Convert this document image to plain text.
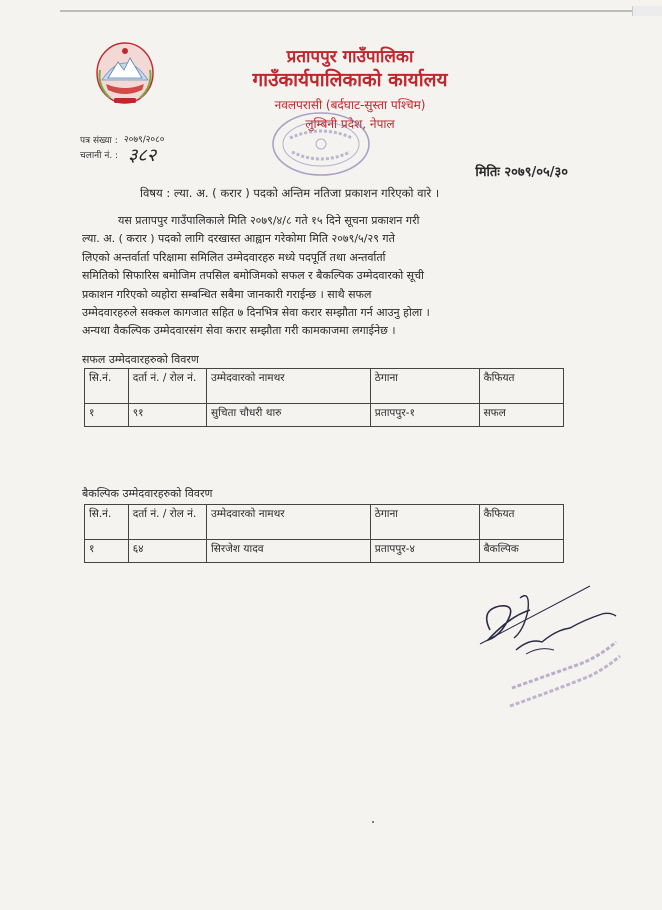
प्रतापपुर गाउँपालिका
गाउँकार्यपालिकाको कार्यालय
नवलपरासी (बर्दघाट-सुस्ता पश्चिम)
लुम्बिनी प्रदेश, नेपाल
पत्र संख्या : २०७९/२०८०
चलानी नं. : ३८२
मितिः २०७९/०५/३०
विषय : ल्या. अ. ( करार ) पदको अन्तिम नतिजा प्रकाशन गरिएको वारे ।
यस प्रतापपुर गाउँपालिकाले मिति २०७९/४/८ गते १५ दिने सूचना प्रकाशन गरी
ल्या. अ. ( करार ) पदको लागि दरखास्त आह्वान गरेकोमा मिति २०७९/५/२९ गते
लिएको अन्तर्वार्ता परिक्षामा समिलित उम्मेदवारहरु मध्ये पदपूर्ति तथा अन्तर्वार्ता
समितिको सिफारिस बमोजिम तपसिल बमोजिमको सफल र बैकल्पिक उम्मेदवारको सूची
प्रकाशन गरिएको व्यहोरा सम्बन्धित सबैमा जानकारी गराईन्छ । साथै सफल
उम्मेदवारहरुले सक्कल कागजात सहित ७ दिनभित्र सेवा करार सम्झौता गर्न आउनु होला ।
अन्यथा वैकल्पिक उम्मेदवारसंग सेवा करार सम्झौता गरी कामकाजमा लगाईनेछ ।
सफल उम्मेदवारहरुको विवरण
सि.नं.	दर्ता नं. / रोल नं.	उम्मेदवारको नामथर	ठेगाना	कैफियत
१	९१	सुचिता चौधरी थारु	प्रतापपुर-१	सफल
बैकल्पिक उम्मेदवारहरुको विवरण
सि.नं.	दर्ता नं. / रोल नं.	उम्मेदवारको नामथर	ठेगाना	कैफियत
१	६४	सिरजेश यादव	प्रतापपुर-४	बैकल्पिक
